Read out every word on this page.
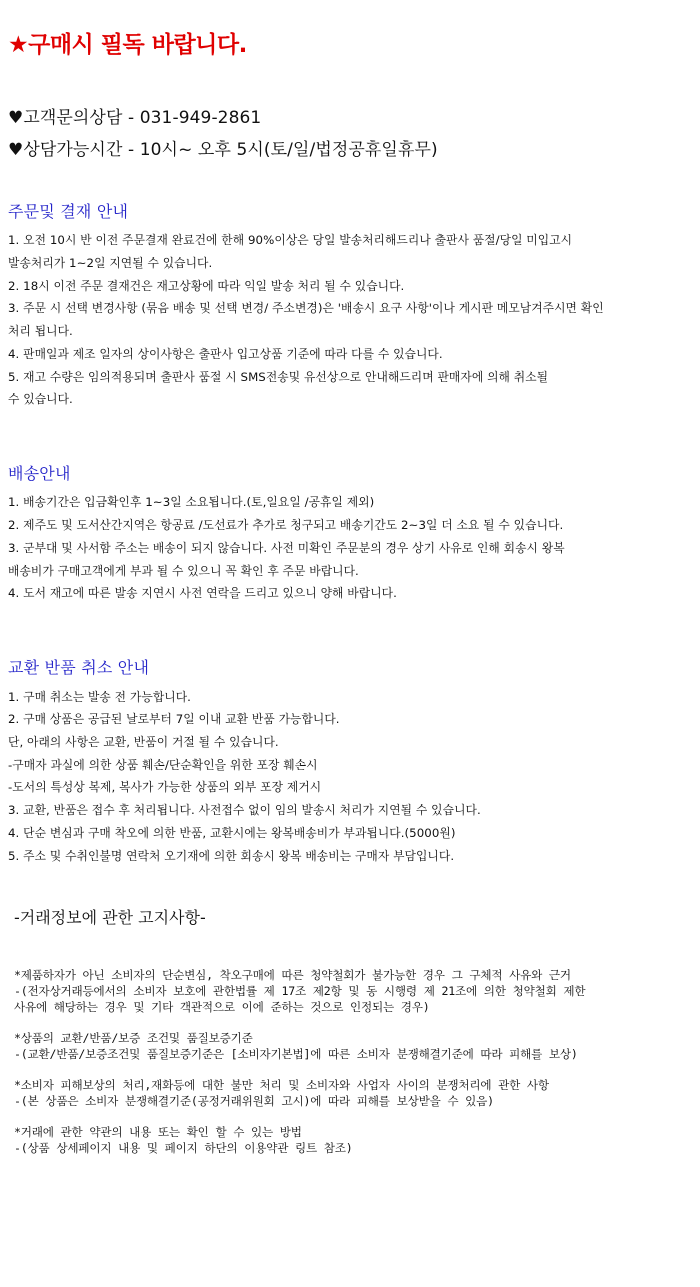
★구매시 필독 바랍니다.
♥고객문의상담 - 031-949-2861
♥상담가능시간 - 10시~ 오후 5시(토/일/법정공휴일휴무)
주문및 결재 안내
1. 오전 10시 반 이전 주문결재 완료건에 한해 90%이상은 당일 발송처리해드리나 출판사 품절/당일 미입고시
발송처리가 1~2일 지연될 수 있습니다.
2. 18시 이전 주문 결재건은 재고상황에 따라 익일 발송 처리 될 수 있습니다.
3. 주문 시 선택 변경사항 (묶음 배송 및 선택 변경/ 주소변경)은 '배송시 요구 사항'이나 게시판 메모남겨주시면 확인
처리 됩니다.
4. 판매일과 제조 일자의 상이사항은 출판사 입고상품 기준에 따라 다를 수 있습니다.
5. 재고 수량은 임의적용되며 출판사 품절 시 SMS전송및 유선상으로 안내해드리며 판매자에 의해 취소될
수 있습니다.
배송안내
1. 배송기간은 입금확인후 1~3일 소요됩니다.(토,일요일 /공휴일 제외)
2. 제주도 및 도서산간지역은 항공료 /도선료가 추가로 청구되고 배송기간도 2~3일 더 소요 될 수 있습니다.
3. 군부대 및 사서함 주소는 배송이 되지 않습니다. 사전 미확인 주문분의 경우 상기 사유로 인해 회송시 왕복
배송비가 구매고객에게 부과 될 수 있으니 꼭 확인 후 주문 바랍니다.
4. 도서 재고에 따른 발송 지연시 사전 연락을 드리고 있으니 양해 바랍니다.
교환 반품 취소 안내
1. 구매 취소는 발송 전 가능합니다.
2. 구매 상품은 공급된 날로부터 7일 이내 교환 반품 가능합니다.
단, 아래의 사항은 교환, 반품이 거절 될 수 있습니다.
-구매자 과실에 의한 상품 훼손/단순확인을 위한 포장 훼손시
-도서의 특성상 복제, 복사가 가능한 상품의 외부 포장 제거시
3. 교환, 반품은 접수 후 처리됩니다. 사전접수 없이 임의 발송시 처리가 지연될 수 있습니다.
4. 단순 변심과 구매 착오에 의한 반품, 교환시에는 왕복배송비가 부과됩니다.(5000원)
5. 주소 및 수취인불명 연락처 오기재에 의한 회송시 왕복 배송비는 구매자 부담입니다.
-거래정보에 관한 고지사항-
*제품하자가 아닌 소비자의 단순변심, 착오구매에 따른 청약철회가 불가능한 경우 그 구체적 사유와 근거
-(전자상거래등에서의 소비자 보호에 관한법률 제 17조 제2항 및 동 시행령 제 21조에 의한 청약철회 제한
사유에 해당하는 경우 및 기타 객관적으로 이에 준하는 것으로 인정되는 경우)
*상품의 교환/반품/보증 조건및 품질보증기준
-(교환/반품/보증조건및 품질보증기준은 [소비자기본법]에 따른 소비자 분쟁해결기준에 따라 피해를 보상)
*소비자 피해보상의 처리,재화등에 대한 불만 처리 및 소비자와 사업자 사이의 분쟁처리에 관한 사항
-(본 상품은 소비자 분쟁해결기준(공정거래위원회 고시)에 따라 피해를 보상받을 수 있음)
*거래에 관한 약관의 내용 또는 확인 할 수 있는 방법
-(상품 상세페이지 내용 및 페이지 하단의 이용약관 링트 참조)
